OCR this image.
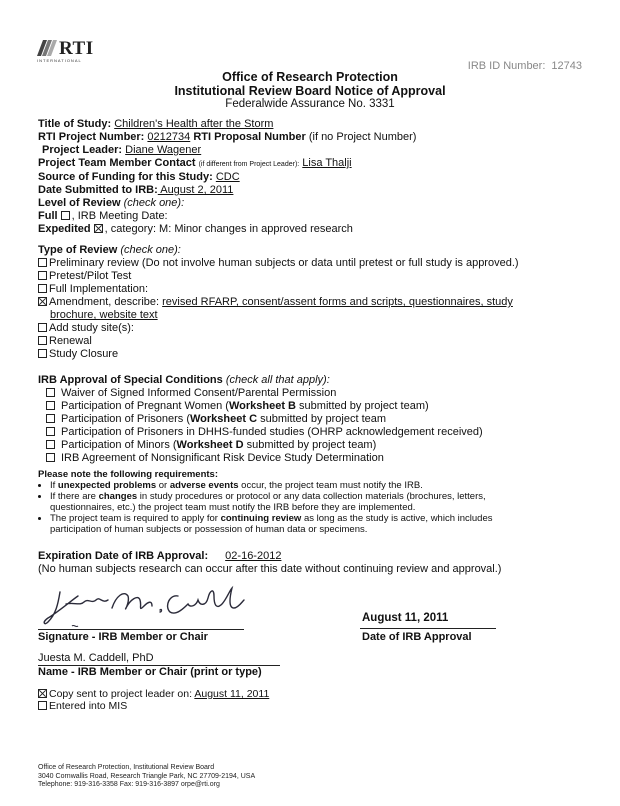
RTI
INTERNATIONAL	IRB ID Number: 12743
Office of Research Protection
Institutional Review Board Notice of Approval
Federalwide Assurance No. 3331
Title of Study: Children's Health after the Storm
RTI Project Number: 0212734 RTI Proposal Number (if no Project Number)
Project Leader: Diane Wagener
Project Team Member Contact (if different from Project Leader): Lisa Thalji
Source of Funding for this Study: CDC
Date Submitted to IRB: August 2, 2011
Level of Review (check one):
Full , IRB Meeting Date:
Expedited , category: M: Minor changes in approved research
Type of Review (check one):
Preliminary review (Do not involve human subjects or data until pretest or full study is approved.)
Pretest/Pilot Test
Full Implementation:
Amendment, describe: revised RFARP, consent/assent forms and scripts, questionnaires, study
brochure, website text
Add study site(s):
Renewal
Study Closure
IRB Approval of Special Conditions (check all that apply):
Waiver of Signed Informed Consent/Parental Permission
Participation of Pregnant Women (Worksheet B submitted by project team)
Participation of Prisoners (Worksheet C submitted by project team
Participation of Prisoners in DHHS-funded studies (OHRP acknowledgement received)
Participation of Minors (Worksheet D submitted by project team)
IRB Agreement of Nonsignificant Risk Device Study Determination
Please note the following requirements:
• If unexpected problems or adverse events occur, the project team must notify the IRB.
• If there are changes in study procedures or protocol or any data collection materials (brochures, letters,
questionnaires, etc.) the project team must notify the IRB before they are implemented.
• The project team is required to apply for continuing review as long as the study is active, which includes
participation of human subjects or possession of human data or specimens.
Expiration Date of IRB Approval: 02-16-2012
(No human subjects research can occur after this date without continuing review and approval.)
Signature - IRB Member or Chair
August 11, 2011
Date of IRB Approval
Juesta M. Caddell, PhD
Name - IRB Member or Chair (print or type)
Copy sent to project leader on: August 11, 2011
Entered into MIS
Office of Research Protection, Institutional Review Board
3040 Cornwallis Road, Research Triangle Park, NC 27709-2194, USA
Telephone: 919-316-3358 Fax: 919-316-3897 orpe@rti.org
